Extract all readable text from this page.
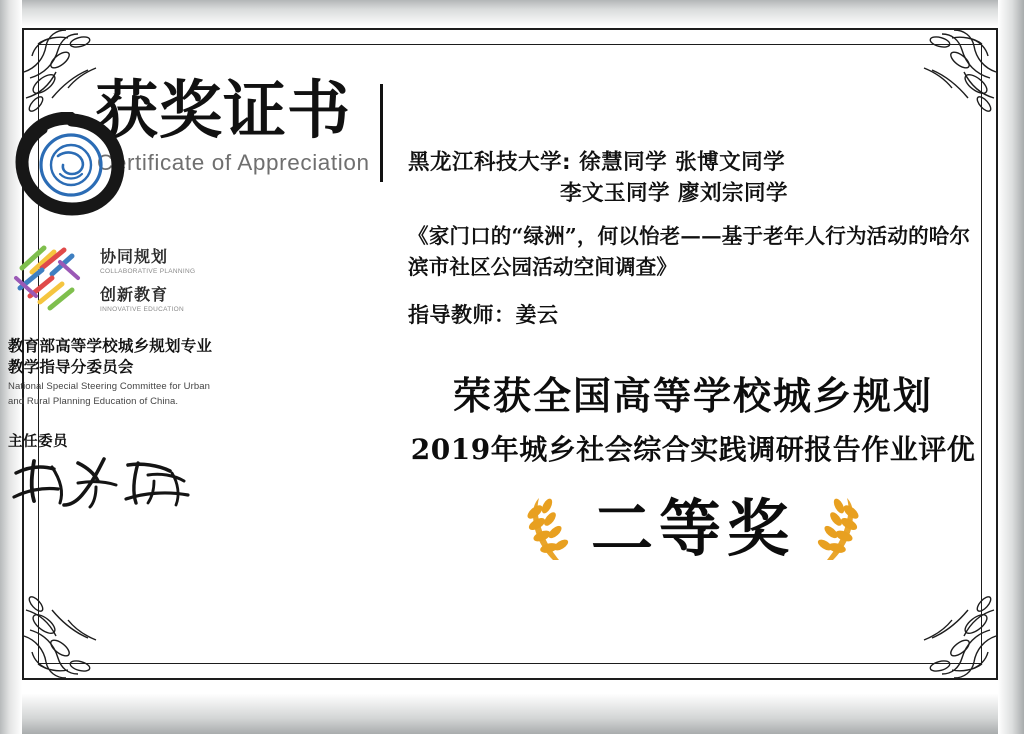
获奖证书
Certificate of Appreciation
协同规划
COLLABORATIVE PLANNING
创新教育
INNOVATIVE EDUCATION
教育部高等学校城乡规划专业
教学指导分委员会
National Special Steering Committee for Urban
and Rural Planning Education of China.
主任委员
黑龙江科技大学: 徐慧同学 张博文同学
李文玉同学 廖刘宗同学
《家门口的“绿洲”，何以怡老——基于老年人行为活动的哈尔滨市社区公园活动空间调查》
指导教师：姜云
荣获全国高等学校城乡规划
2019年城乡社会综合实践调研报告作业评优
二等奖
